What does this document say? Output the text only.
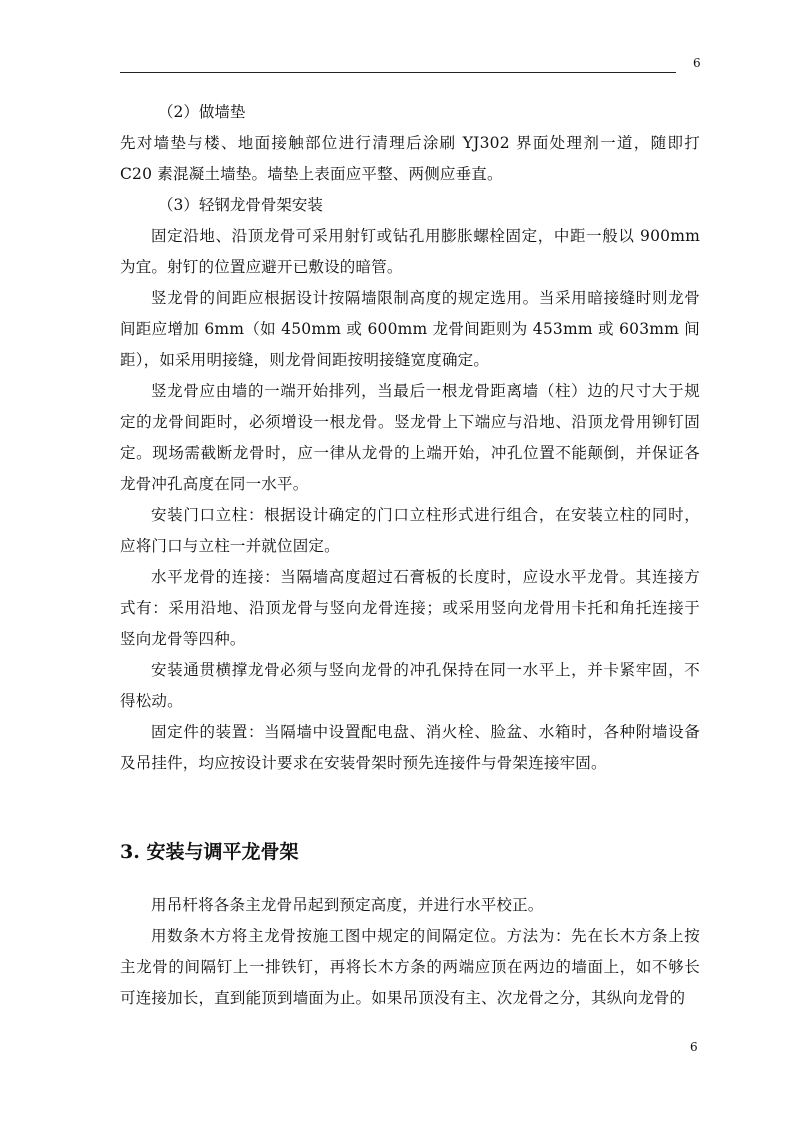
6

（2）做墙垫

先对墙垫与楼、地面接触部位进行清理后涂刷 YJ302 界面处理剂一道，随即打 C20 素混凝土墙垫。墙垫上表面应平整、两侧应垂直。

（3）轻钢龙骨骨架安装

固定沿地、沿顶龙骨可采用射钉或钻孔用膨胀螺栓固定，中距一般以 900mm 为宜。射钉的位置应避开已敷设的暗管。

竖龙骨的间距应根据设计按隔墙限制高度的规定选用。当采用暗接缝时则龙骨间距应增加 6mm（如 450mm 或 600mm 龙骨间距则为 453mm 或 603mm 间距），如采用明接缝，则龙骨间距按明接缝宽度确定。

竖龙骨应由墙的一端开始排列，当最后一根龙骨距离墙（柱）边的尺寸大于规定的龙骨间距时，必须增设一根龙骨。竖龙骨上下端应与沿地、沿顶龙骨用铆钉固定。现场需截断龙骨时，应一律从龙骨的上端开始，冲孔位置不能颠倒，并保证各龙骨冲孔高度在同一水平。

安装门口立柱：根据设计确定的门口立柱形式进行组合，在安装立柱的同时，应将门口与立柱一并就位固定。

水平龙骨的连接：当隔墙高度超过石膏板的长度时，应设水平龙骨。其连接方式有：采用沿地、沿顶龙骨与竖向龙骨连接；或采用竖向龙骨用卡托和角托连接于竖向龙骨等四种。

安装通贯横撑龙骨必须与竖向龙骨的冲孔保持在同一水平上，并卡紧牢固，不得松动。

固定件的装置：当隔墙中设置配电盘、消火栓、脸盆、水箱时，各种附墙设备及吊挂件，均应按设计要求在安装骨架时预先连接件与骨架连接牢固。

3. 安装与调平龙骨架

用吊杆将各条主龙骨吊起到预定高度，并进行水平校正。

用数条木方将主龙骨按施工图中规定的间隔定位。方法为：先在长木方条上按主龙骨的间隔钉上一排铁钉，再将长木方条的两端应顶在两边的墙面上，如不够长可连接加长，直到能顶到墙面为止。如果吊顶没有主、次龙骨之分，其纵向龙骨的

6
